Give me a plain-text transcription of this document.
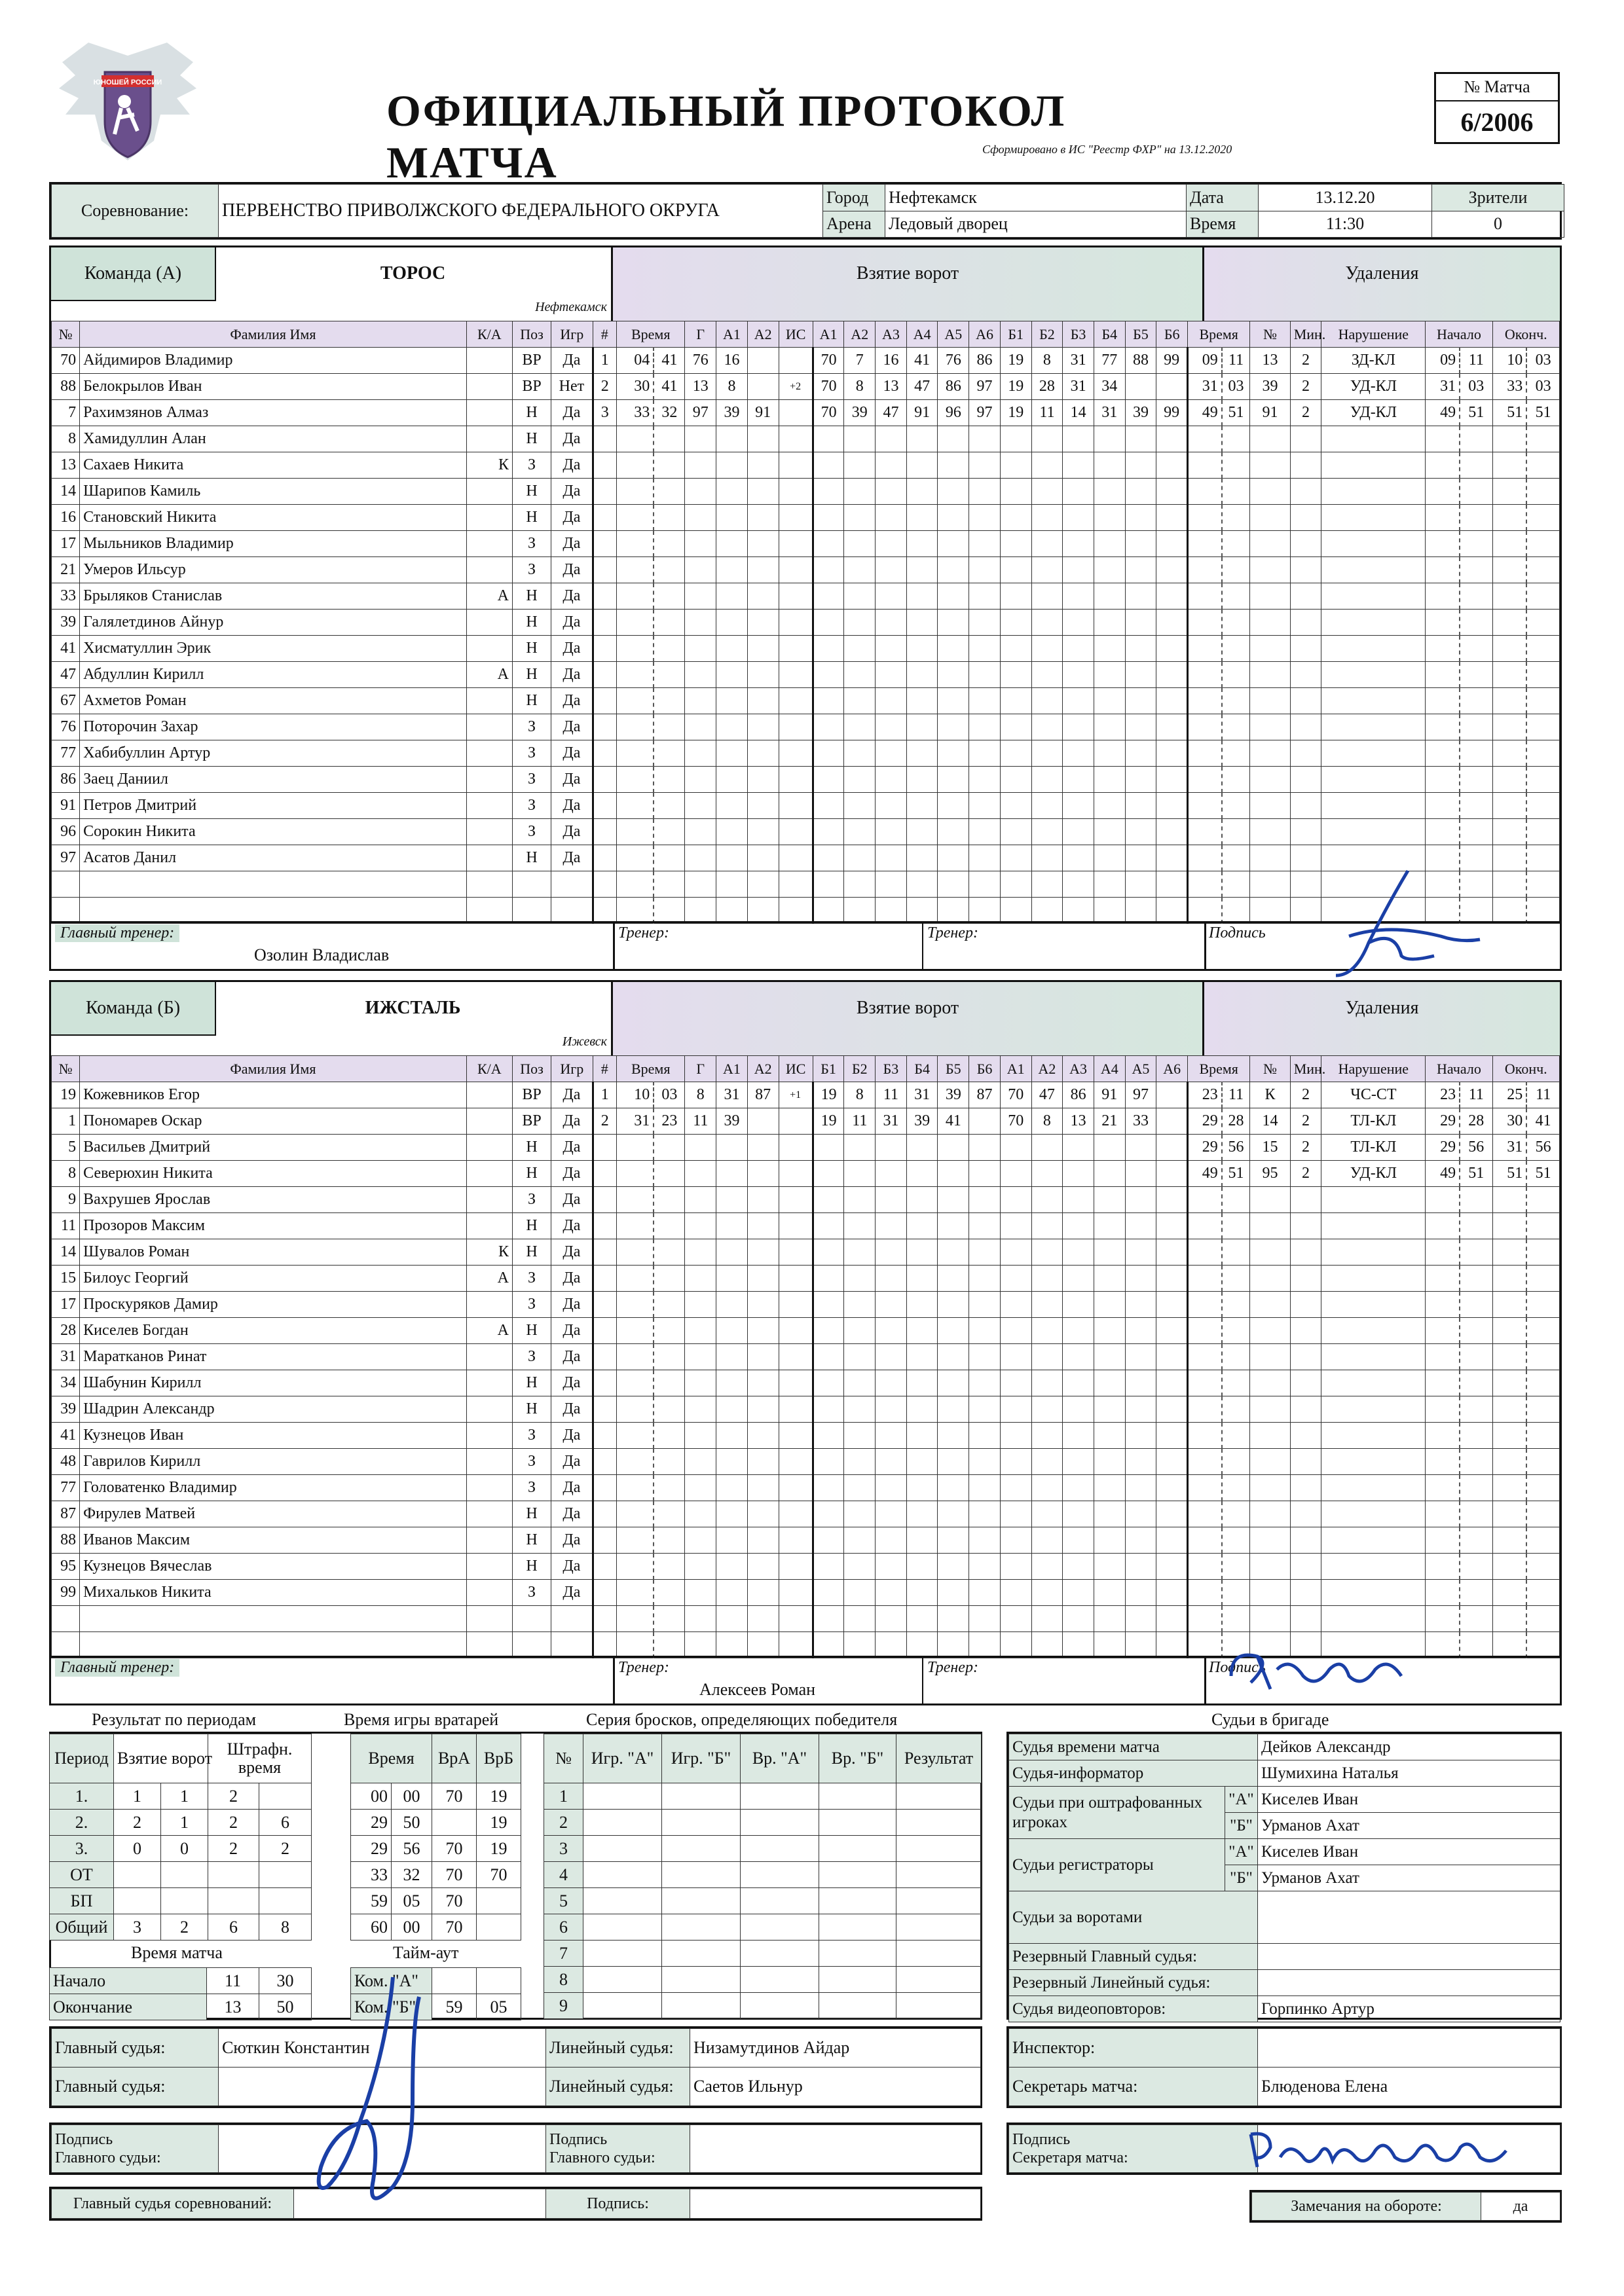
ЮНОШЕЙ РОССИИ
ОФИЦИАЛЬНЫЙ ПРОТОКОЛ МАТЧА	Сформировано в ИС "Реестр ФХР" на 13.12.2020
№ Матча
6/2006
Соревнование:	ПЕРВЕНСТВО ПРИВОЛЖСКОГО ФЕДЕРАЛЬНОГО ОКРУГА	Город	Нефтекамск	Дата	13.12.20	Зрители
		Арена	Ледовый дворец	Время	11:30	0
Команда (А)	ТОРОС
Нефтекамск
Взятие ворот	Удаления
№	Фамилия Имя	К/А	Поз	Игр	#	Время		Г	А1	А2	ИС	А1	А2	А3	А4	А5	А6	Б1	Б2	Б3	Б4	Б5	Б6	Время		№	Мин.	Нарушение	Начало		Оконч.	
70	Айдимиров Владимир		ВР	Да	1	04	41	76	16			70	7	16	41	76	86	19	8	31	77	88	99	09	11	13	2	ЗД-КЛ	09	11	10	03
88	Белокрылов Иван		ВР	Нет	2	30	41	13	8		+2	70	8	13	47	86	97	19	28	31	34			31	03	39	2	УД-КЛ	31	03	33	03
7	Рахимзянов Алмаз		Н	Да	3	33	32	97	39	91		70	39	47	91	96	97	19	11	14	31	39	99	49	51	91	2	УД-КЛ	49	51	51	51
8	Хамидуллин Алан		Н	Да																												
13	Сахаев Никита	К	З	Да																												
14	Шарипов Камиль		Н	Да																												
16	Становский Никита		Н	Да																												
17	Мыльников Владимир		З	Да																												
21	Умеров Ильсур		З	Да																												
33	Брыляков Станислав	А	Н	Да																												
39	Галялетдинов Айнур		Н	Да																												
41	Хисматуллин Эрик		Н	Да																												
47	Абдуллин Кирилл	А	Н	Да																												
67	Ахметов Роман		Н	Да																												
76	Поторочин Захар		З	Да																												
77	Хабибуллин Артур		З	Да																												
86	Заец Даниил		З	Да																												
91	Петров Дмитрий		З	Да																												
96	Сорокин Никита		З	Да																												
97	Асатов Данил		Н	Да																												

Главный тренер:
Озолин Владислав
Тренер:	Тренер:	Подпись
Команда (Б)	ИЖСТАЛЬ
Ижевск
Взятие ворот	Удаления
№	Фамилия Имя	К/А	Поз	Игр	#	Время		Г	А1	А2	ИС	Б1	Б2	Б3	Б4	Б5	Б6	А1	А2	А3	А4	А5	А6	Время		№	Мин.	Нарушение	Начало		Оконч.	
19	Кожевников Егор		ВР	Да	1	10	03	8	31	87	+1	19	8	11	31	39	87	70	47	86	91	97		23	11	К	2	ЧС-СТ	23	11	25	11
1	Пономарев Оскар		ВР	Да	2	31	23	11	39			19	11	31	39	41		70	8	13	21	33		29	28	14	2	ТЛ-КЛ	29	28	30	41
5	Васильев Дмитрий		Н	Да																				29	56	15	2	ТЛ-КЛ	29	56	31	56
8	Северюхин Никита		Н	Да																				49	51	95	2	УД-КЛ	49	51	51	51
9	Вахрушев Ярослав		З	Да																												
11	Прозоров Максим		Н	Да																												
14	Шувалов Роман	К	Н	Да																												
15	Билоус Георгий	А	З	Да																												
17	Проскуряков Дамир		З	Да																												
28	Киселев Богдан	А	Н	Да																												
31	Маратканов Ринат		З	Да																												
34	Шабунин Кирилл		Н	Да																												
39	Шадрин Александр		Н	Да																												
41	Кузнецов Иван		З	Да																												
48	Гаврилов Кирилл		З	Да																												
77	Головатенко Владимир		З	Да																												
87	Фирулев Матвей		Н	Да																												
88	Иванов Максим		Н	Да																												
95	Кузнецов Вячеслав		Н	Да																												
99	Михальков Никита		З	Да																												

Главный тренер:	Тренер:
Алексеев Роман
Тренер:	Подпись
Результат по периодам	Время игры вратарей	Серия бросков, определяющих победителя	Судьи в бригаде
Период	Взятие ворот		Штрафн. время	
1.	1	1	2	
2.	2	1	2	6
3.	0	0	2	2
ОТ				
БП				
Общий	3	2	6	8
Время матча
Начало	11	30
Окончание	13	50
Время		ВрА	ВрБ
00	00	70	19
29	50		19
29	56	70	19
33	32	70	70
59	05	70	
60	00	70	
Тайм-аут
Ком. "А"		
Ком. "Б"	59	05
№	Игр. "А"	Игр. "Б"	Вр. "А"	Вр. "Б"	Результат
1					
2					
3					
4					
5					
6					
7					
8					
9					
Судья времени матча		Дейков Александр
Судья-информатор		Шумихина Наталья
Судьи при оштрафованных игроках	"А"	Киселев Иван
	"Б"	Урманов Ахат
Судьи регистраторы	"А"	Киселев Иван
	"Б"	Урманов Ахат
Судьи за воротами		
Резервный Главный судья:		
Резервный Линейный судья:		
Судья видеоповторов:		Горпинко Артур
Главный судья:	Сюткин Константин	Линейный судья:	Низамутдинов Айдар
Главный судья:		Линейный судья:	Саетов Ильнур
Инспектор:	
Секретарь матча:	Блюденова Елена
Подпись
Главного судьи:		Подпись
Главного судьи:	
Подпись
Секретаря матча:	
Главный судья соревнований:		Подпись:		Замечания на обороте:	да
